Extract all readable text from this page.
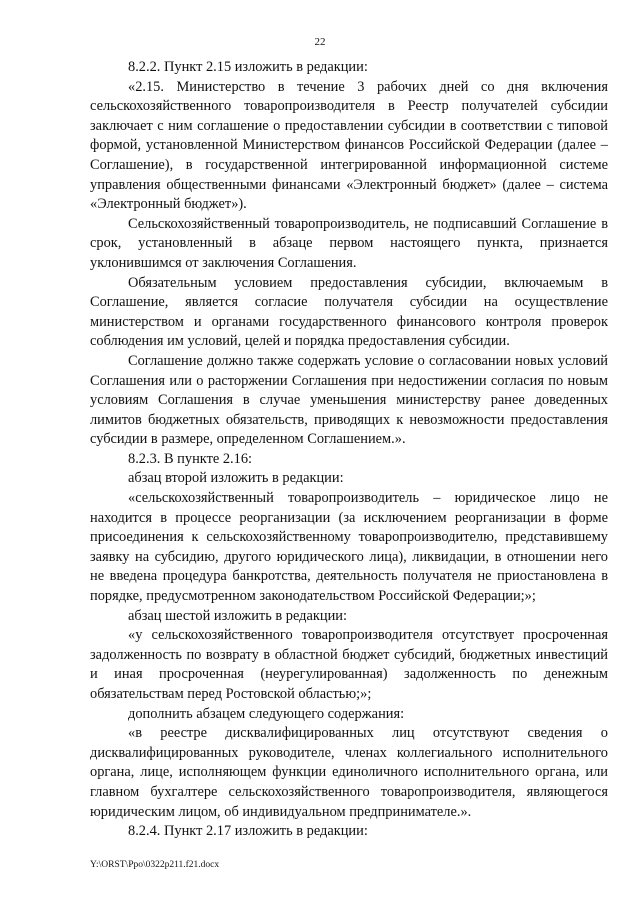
22

8.2.2. Пункт 2.15 изложить в редакции:

«2.15. Министерство в течение 3 рабочих дней со дня включения сельскохозяйственного товаропроизводителя в Реестр получателей субсидии заключает с ним соглашение о предоставлении субсидии в соответствии с типовой формой, установленной Министерством финансов Российской Федерации (далее – Соглашение), в государственной интегрированной информационной системе управления общественными финансами «Электронный бюджет» (далее – система «Электронный бюджет»).

Сельскохозяйственный товаропроизводитель, не подписавший Соглашение в срок, установленный в абзаце первом настоящего пункта, признается уклонившимся от заключения Соглашения.

Обязательным условием предоставления субсидии, включаемым в Соглашение, является согласие получателя субсидии на осуществление министерством и органами государственного финансового контроля проверок соблюдения им условий, целей и порядка предоставления субсидии.

Соглашение должно также содержать условие о согласовании новых условий Соглашения или о расторжении Соглашения при недостижении согласия по новым условиям Соглашения в случае уменьшения министерству ранее доведенных лимитов бюджетных обязательств, приводящих к невозможности предоставления субсидии в размере, определенном Соглашением.».

8.2.3. В пункте 2.16:

абзац второй изложить в редакции:

«сельскохозяйственный товаропроизводитель – юридическое лицо не находится в процессе реорганизации (за исключением реорганизации в форме присоединения к сельскохозяйственному товаропроизводителю, представившему заявку на субсидию, другого юридического лица), ликвидации, в отношении него не введена процедура банкротства, деятельность получателя не приостановлена в порядке, предусмотренном законодательством Российской Федерации;»;

абзац шестой изложить в редакции:

«у сельскохозяйственного товаропроизводителя отсутствует просроченная задолженность по возврату в областной бюджет субсидий, бюджетных инвестиций и иная просроченная (неурегулированная) задолженность по денежным обязательствам перед Ростовской областью;»;

дополнить абзацем следующего содержания:

«в реестре дисквалифицированных лиц отсутствуют сведения о дисквалифицированных руководителе, членах коллегиального исполнительного органа, лице, исполняющем функции единоличного исполнительного органа, или главном бухгалтере сельскохозяйственного товаропроизводителя, являющегося юридическим лицом, об индивидуальном предпринимателе.».

8.2.4. Пункт 2.17 изложить в редакции:

Y:\ORST\Ppo\0322p211.f21.docx
